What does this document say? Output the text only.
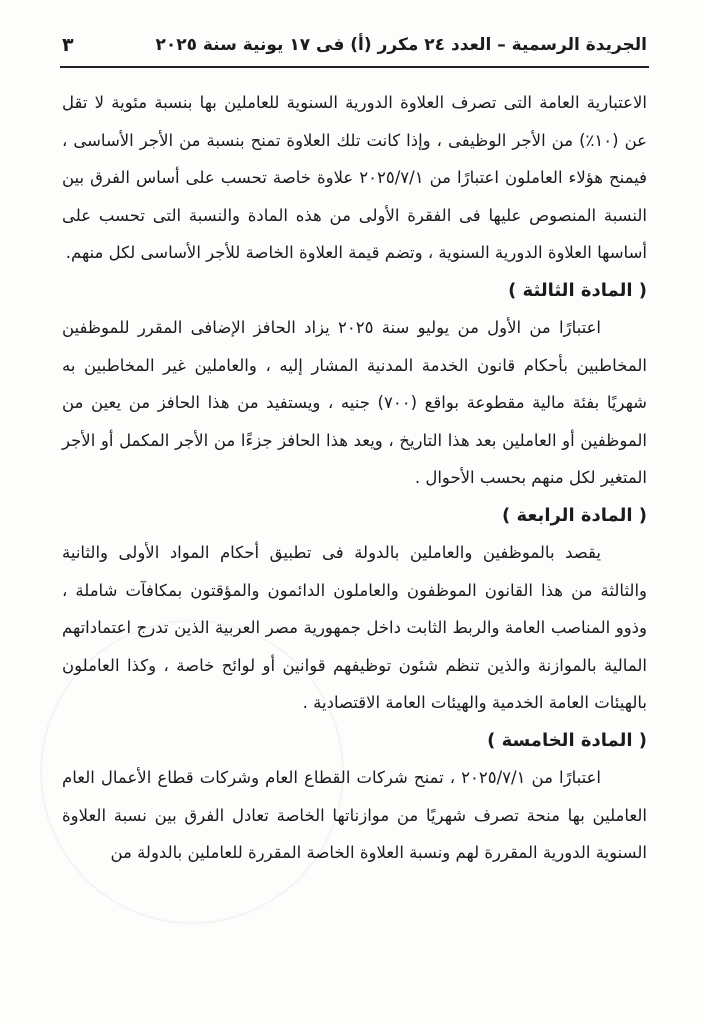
الجريدة الرسمية – العدد ٢٤ مكرر (أ) فى ١٧ يونية سنة ٢٠٢٥
٣

الاعتبارية العامة التى تصرف العلاوة الدورية السنوية للعاملين بها بنسبة مئوية لا تقل عن (١٠٪) من الأجر الوظيفى ، وإذا كانت تلك العلاوة تمنح بنسبة من الأجر الأساسى ، فيمنح هؤلاء العاملون اعتبارًا من ٢٠٢٥/٧/١ علاوة خاصة تحسب على أساس الفرق بين النسبة المنصوص عليها فى الفقرة الأولى من هذه المادة والنسبة التى تحسب على أساسها العلاوة الدورية السنوية ، وتضم قيمة العلاوة الخاصة للأجر الأساسى لكل منهم.

( المادة الثالثة )

اعتبارًا من الأول من يوليو سنة ٢٠٢٥ يزاد الحافز الإضافى المقرر للموظفين المخاطبين بأحكام قانون الخدمة المدنية المشار إليه ، والعاملين غير المخاطبين به شهريًا بفئة مالية مقطوعة بواقع (٧٠٠) جنيه ، ويستفيد من هذا الحافز من يعين من الموظفين أو العاملين بعد هذا التاريخ ، ويعد هذا الحافز جزءًا من الأجر المكمل أو الأجر المتغير لكل منهم بحسب الأحوال .

( المادة الرابعة )

يقصد بالموظفين والعاملين بالدولة فى تطبيق أحكام المواد الأولى والثانية والثالثة من هذا القانون الموظفون والعاملون الدائمون والمؤقتون بمكافآت شاملة ، وذوو المناصب العامة والربط الثابت داخل جمهورية مصر العربية الذين تدرج اعتماداتهم المالية بالموازنة والذين تنظم شئون توظيفهم قوانين أو لوائح خاصة ، وكذا العاملون بالهيئات العامة الخدمية والهيئات العامة الاقتصادية .

( المادة الخامسة )

اعتبارًا من ٢٠٢٥/٧/١ ، تمنح شركات القطاع العام وشركات قطاع الأعمال العام العاملين بها منحة تصرف شهريًا من موازناتها الخاصة تعادل الفرق بين نسبة العلاوة السنوية الدورية المقررة لهم ونسبة العلاوة الخاصة المقررة للعاملين بالدولة من
